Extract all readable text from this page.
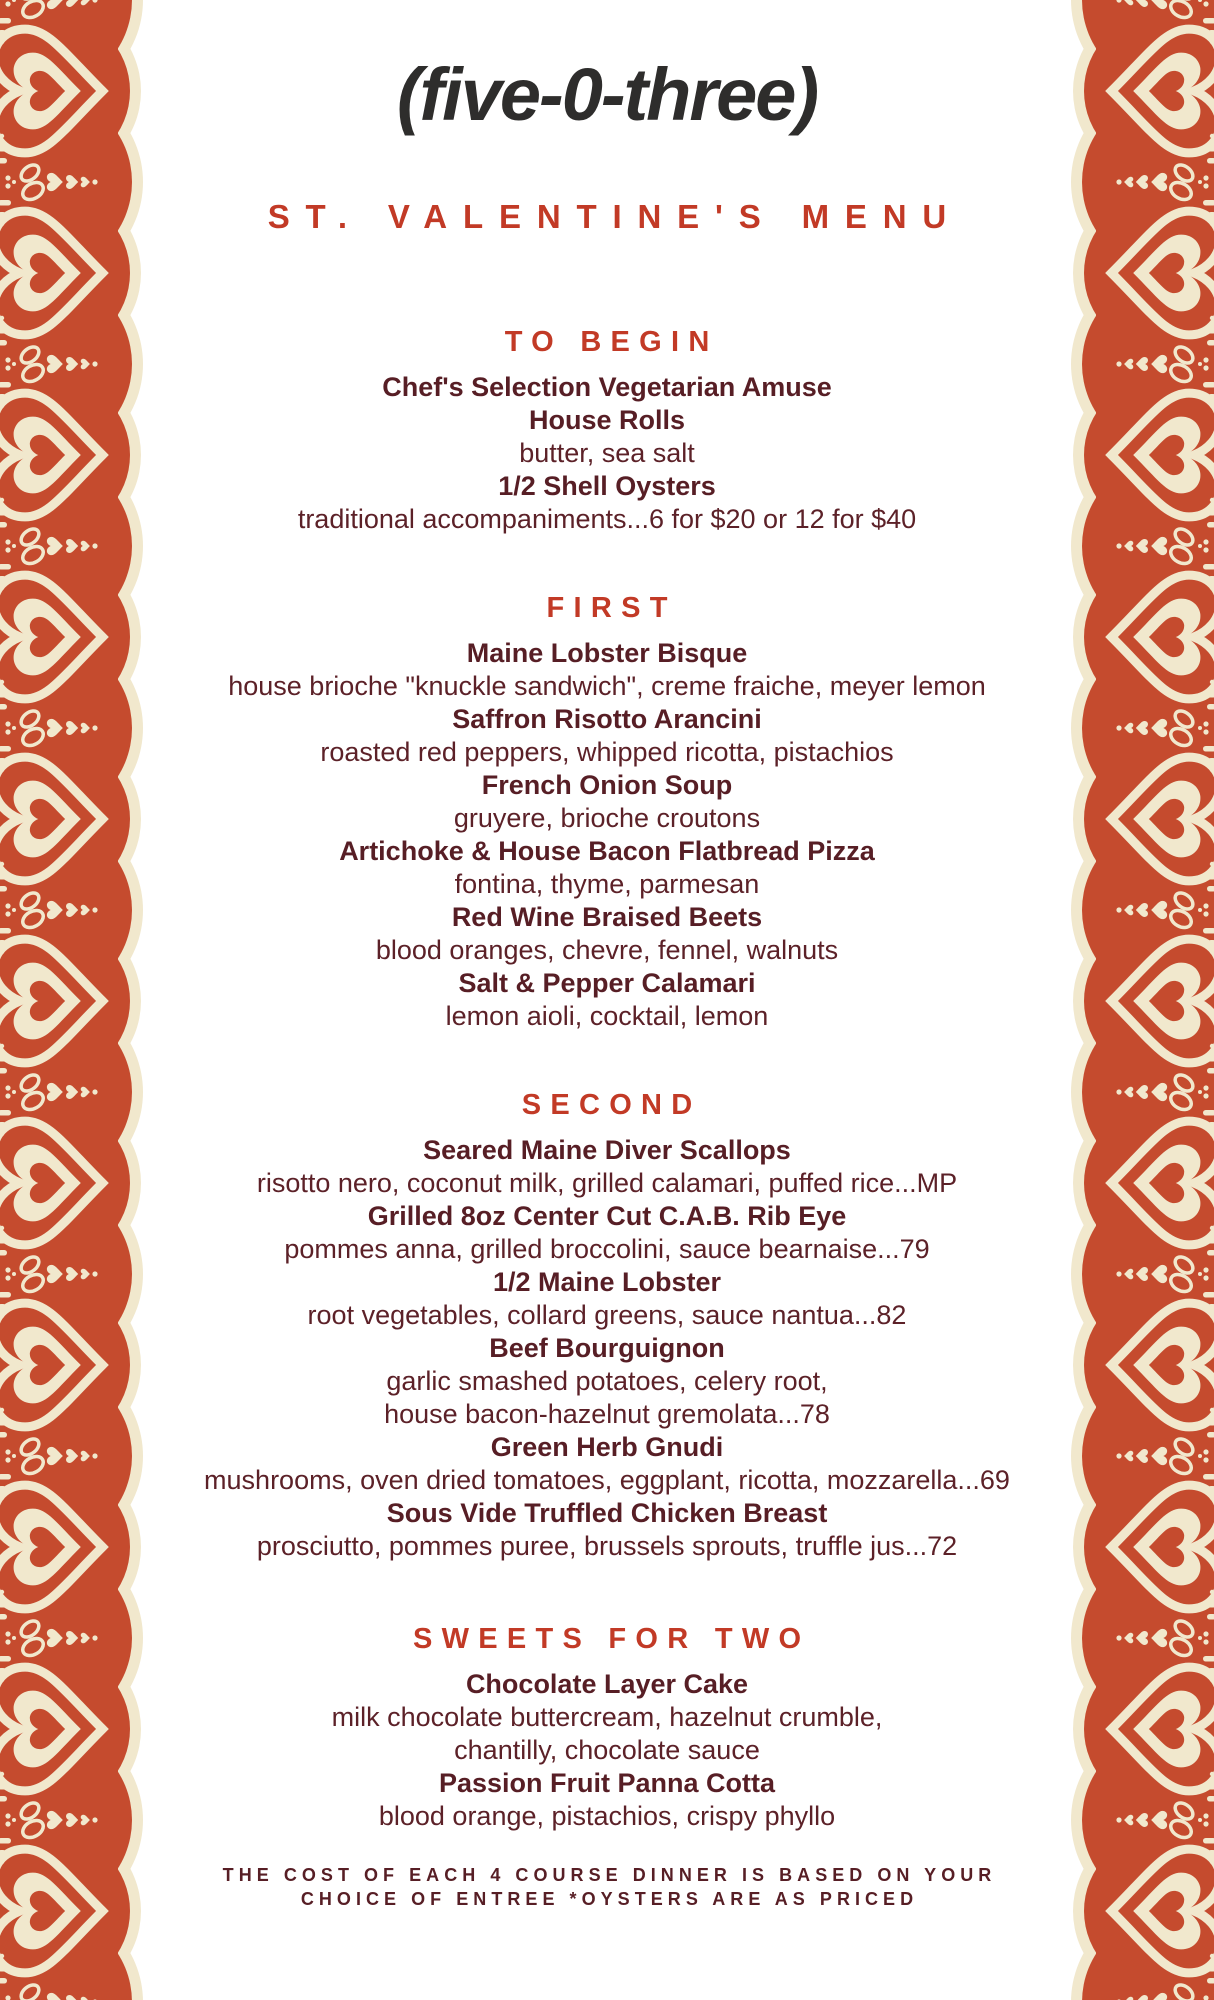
(five-0-three)
ST. VALENTINE'S MENU
TO BEGIN
Chef's Selection Vegetarian Amuse
House Rolls
butter, sea salt
1/2 Shell Oysters
traditional accompaniments...6 for $20 or 12 for $40
FIRST
Maine Lobster Bisque
house brioche "knuckle sandwich", creme fraiche, meyer lemon
Saffron Risotto Arancini
roasted red peppers, whipped ricotta, pistachios
French Onion Soup
gruyere, brioche croutons
Artichoke & House Bacon Flatbread Pizza
fontina, thyme, parmesan
Red Wine Braised Beets
blood oranges, chevre, fennel, walnuts
Salt & Pepper Calamari
lemon aioli, cocktail, lemon
SECOND
Seared Maine Diver Scallops
risotto nero, coconut milk, grilled calamari, puffed rice...MP
Grilled 8oz Center Cut C.A.B. Rib Eye
pommes anna, grilled broccolini, sauce bearnaise...79
1/2 Maine Lobster
root vegetables, collard greens, sauce nantua...82
Beef Bourguignon
garlic smashed potatoes, celery root,
house bacon-hazelnut gremolata...78
Green Herb Gnudi
mushrooms, oven dried tomatoes, eggplant, ricotta, mozzarella...69
Sous Vide Truffled Chicken Breast
prosciutto, pommes puree, brussels sprouts, truffle jus...72
SWEETS FOR TWO
Chocolate Layer Cake
milk chocolate buttercream, hazelnut crumble,
chantilly, chocolate sauce
Passion Fruit Panna Cotta
blood orange, pistachios, crispy phyllo
THE COST OF EACH 4 COURSE DINNER IS BASED ON YOUR
CHOICE OF ENTREE *OYSTERS ARE AS PRICED
